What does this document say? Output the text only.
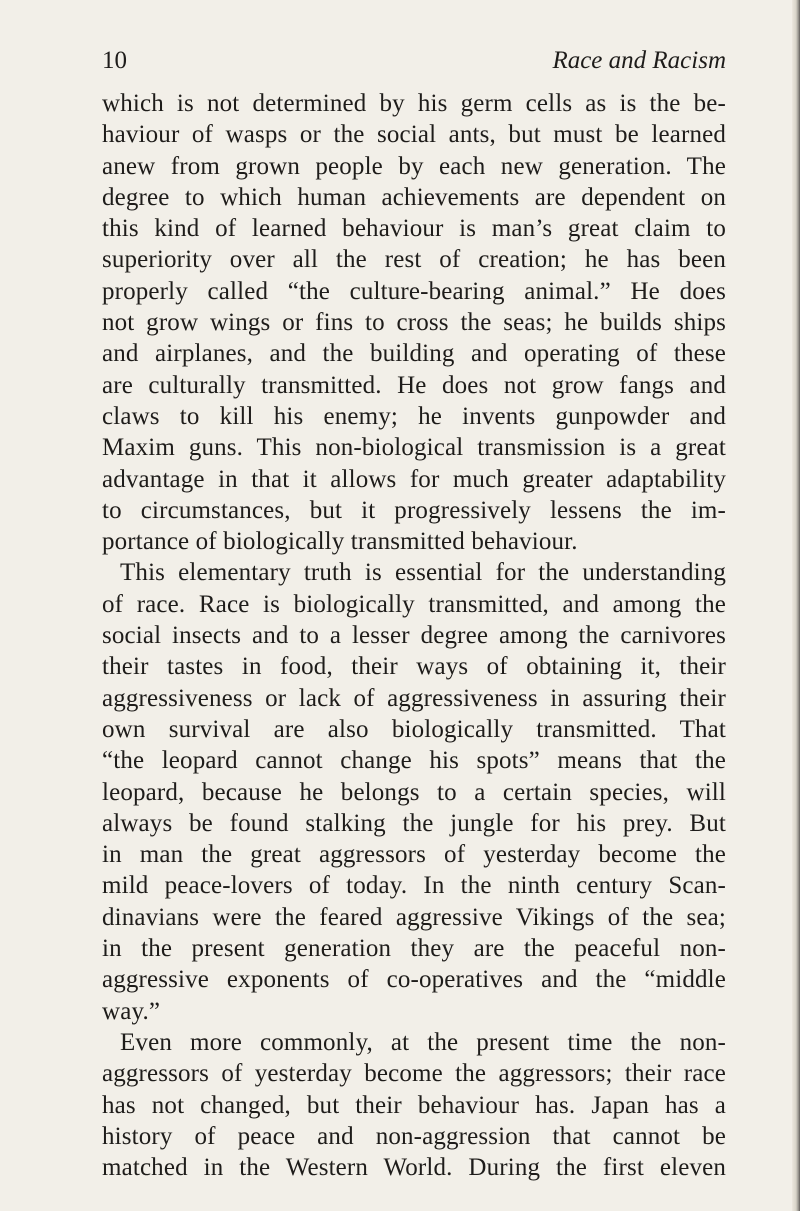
10	Race and Racism
which is not determined by his germ cells as is the be-
haviour of wasps or the social ants, but must be learned
anew from grown people by each new generation. The
degree to which human achievements are dependent on
this kind of learned behaviour is man’s great claim to
superiority over all the rest of creation; he has been
properly called “the culture-bearing animal.” He does
not grow wings or fins to cross the seas; he builds ships
and airplanes, and the building and operating of these
are culturally transmitted. He does not grow fangs and
claws to kill his enemy; he invents gunpowder and
Maxim guns. This non-biological transmission is a great
advantage in that it allows for much greater adaptability
to circumstances, but it progressively lessens the im-
portance of biologically transmitted behaviour.
This elementary truth is essential for the understanding
of race. Race is biologically transmitted, and among the
social insects and to a lesser degree among the carnivores
their tastes in food, their ways of obtaining it, their
aggressiveness or lack of aggressiveness in assuring their
own survival are also biologically transmitted. That
“the leopard cannot change his spots” means that the
leopard, because he belongs to a certain species, will
always be found stalking the jungle for his prey. But
in man the great aggressors of yesterday become the
mild peace-lovers of today. In the ninth century Scan-
dinavians were the feared aggressive Vikings of the sea;
in the present generation they are the peaceful non-
aggressive exponents of co-operatives and the “middle
way.”
Even more commonly, at the present time the non-
aggressors of yesterday become the aggressors; their race
has not changed, but their behaviour has. Japan has a
history of peace and non-aggression that cannot be
matched in the Western World. During the first eleven
